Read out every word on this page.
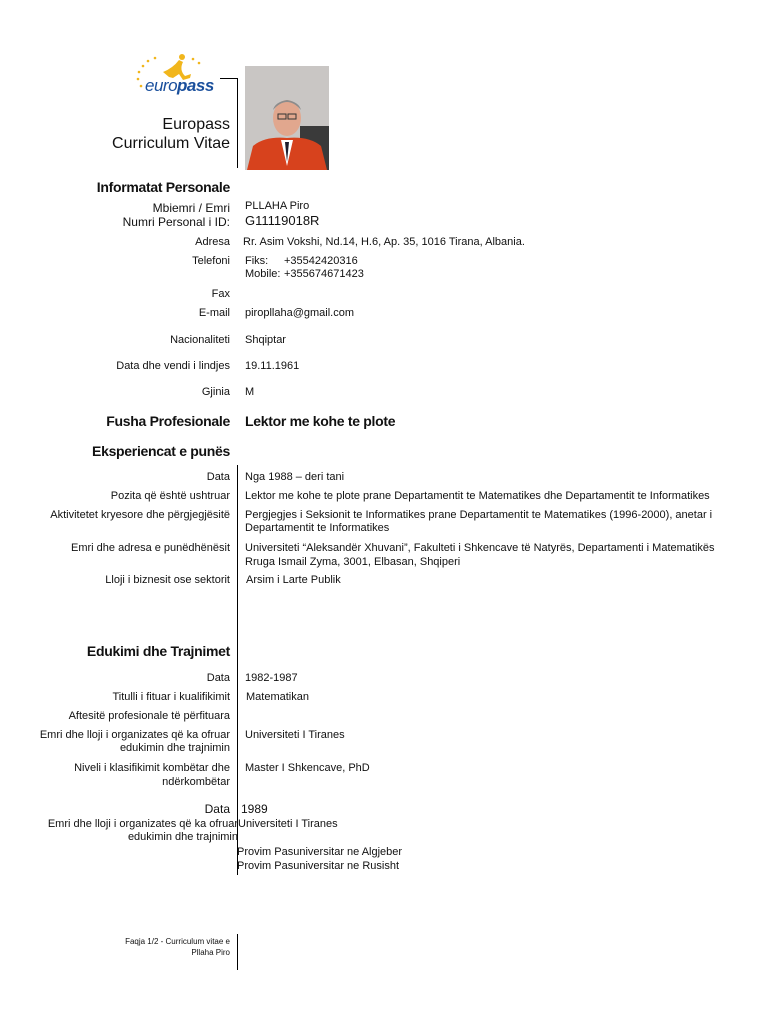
europass
Europass
Curriculum Vitae
Informatat Personale
Mbiemri / Emri PLLAHA Piro
Numri Personal i ID: G11119018R
Adresa Rr. Asim Vokshi, Nd.14, H.6, Ap. 35, 1016 Tirana, Albania.
Telefoni Fiks: +35542420316
Mobile: +355674671423
Fax
E-mail piropllaha@gmail.com
Nacionaliteti Shqiptar
Data dhe vendi i lindjes 19.11.1961
Gjinia M
Fusha Profesionale Lektor me kohe te plote
Eksperiencat e punës
Data Nga 1988 – deri tani
Pozita që është ushtruar Lektor me kohe te plote prane Departamentit te Matematikes dhe Departamentit te Informatikes
Aktivitetet kryesore dhe përgjegjësitë Pergjegjes i Seksionit te Informatikes prane Departamentit te Matematikes (1996-2000), anetar i
Departamentit te Informatikes
Emri dhe adresa e punëdhënësit Universiteti “Aleksandër Xhuvani”, Fakulteti i Shkencave të Natyrës, Departamenti i Matematikës
Rruga Ismail Zyma, 3001, Elbasan, Shqiperi
Lloji i biznesit ose sektorit Arsim i Larte Publik
Edukimi dhe Trajnimet
Data 1982-1987
Titulli i fituar i kualifikimit Matematikan
Aftesitë profesionale të përfituara
Emri dhe lloji i organizates që ka ofruar
edukimin dhe trajnimin
Universiteti I Tiranes
Niveli i klasifikimit kombëtar dhe
ndërkombëtar
Master I Shkencave, PhD
Data 1989
Emri dhe lloji i organizates që ka ofruar
edukimin dhe trajnimin
Universiteti I Tiranes
Provim Pasuniversitar ne Algjeber
Provim Pasuniversitar ne Rusisht
Faqja 1/2 - Curriculum vitae e
Pllaha Piro
